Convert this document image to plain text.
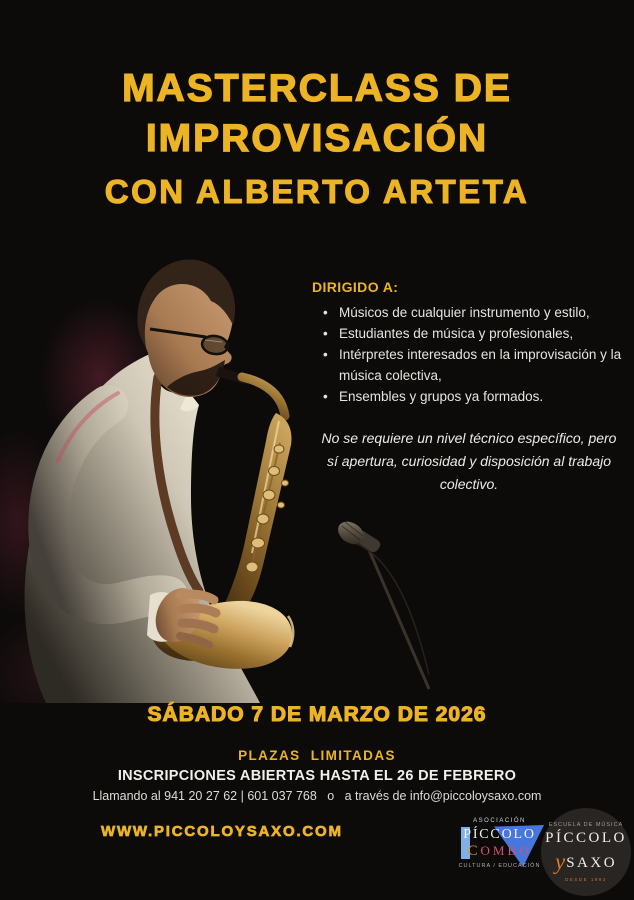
MASTERCLASS DE
IMPROVISACIÓN
CON ALBERTO ARTETA
DIRIGIDO A:
• Músicos de cualquier instrumento y estilo,
• Estudiantes de música y profesionales,
• Intérpretes interesados en la improvisación y la música colectiva,
• Ensembles y grupos ya formados.
No se requiere un nivel técnico específico, pero sí apertura, curiosidad y disposición al trabajo colectivo.
SÁBADO 7 DE MARZO DE 2026
PLAZAS  LIMITADAS
INSCRIPCIONES ABIERTAS HASTA EL 26 DE FEBRERO
Llamando al 941 20 27 62 | 601 037 768   o   a través de info@piccoloysaxo.com
WWW.PICCOLOYSAXO.COM
ASOCIACIÓN
PÍCCOLO
COMBO
CULTURA / EDUCACIÓN
ESCUELA DE MÚSICA
PÍCCOLO
y SAXO
DESDE 1992
